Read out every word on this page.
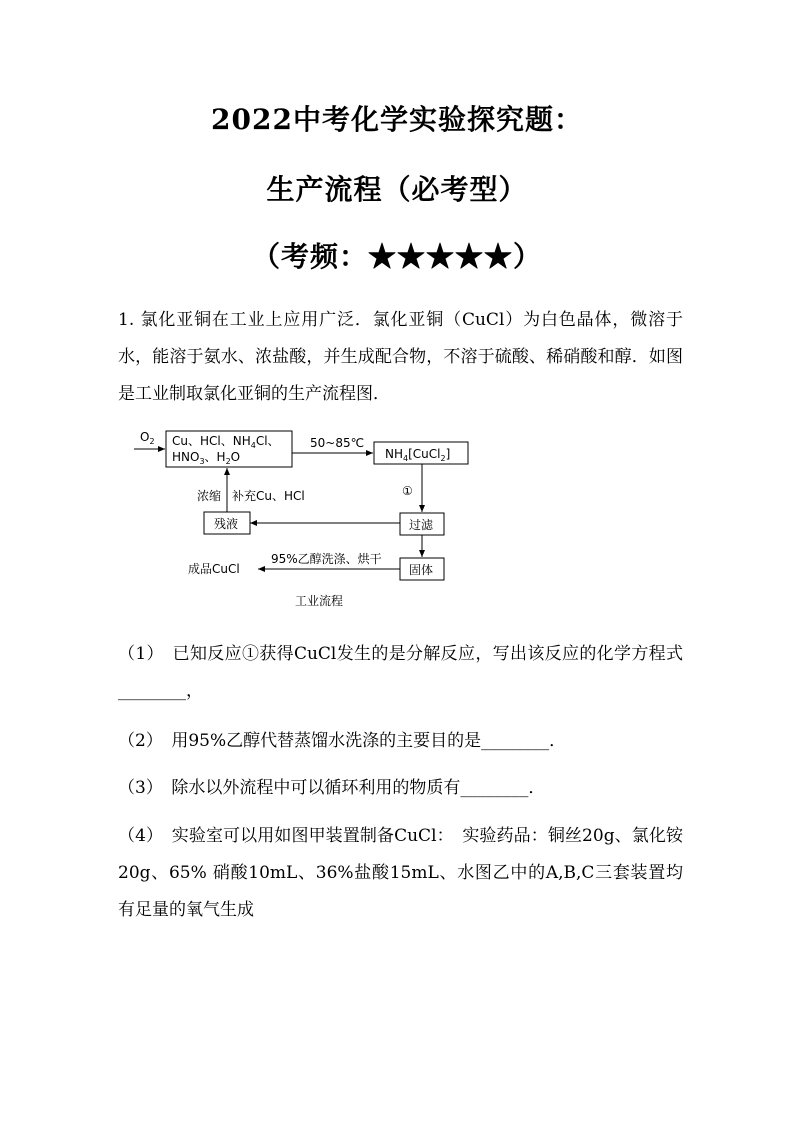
2022中考化学实验探究题：
生产流程（必考型）
（考频：★★★★★）
1. 氯化亚铜在工业上应用广泛．氯化亚铜（CuCl）为白色晶体，微溶于水，能溶于氨水、浓盐酸，并生成配合物，不溶于硫酸、稀硝酸和醇．如图是工业制取氯化亚铜的生产流程图．
$O_2$ Cu、HCl、$NH_4Cl$、
$HNO_3$、$H_2O$
50~85℃
$NH_4[CuCl_2]$
①
过滤
残液
浓缩 补充Cu、HCl
固体
95%乙醇洗涤、烘干
成品CuCl
工业流程
（1）　已知反应①获得CuCl发生的是分解反应，写出该反应的化学方程式________，
（2）　用95%乙醇代替蒸馏水洗涤的主要目的是________．
（3）　除水以外流程中可以循环利用的物质有________．
（4）　实验室可以用如图甲装置制备CuCl：　实验药品：铜丝20g、氯化铵20g、65% 硝酸10mL、36%盐酸15mL、水图乙中的A,B,C三套装置均有足量的氧气生成
